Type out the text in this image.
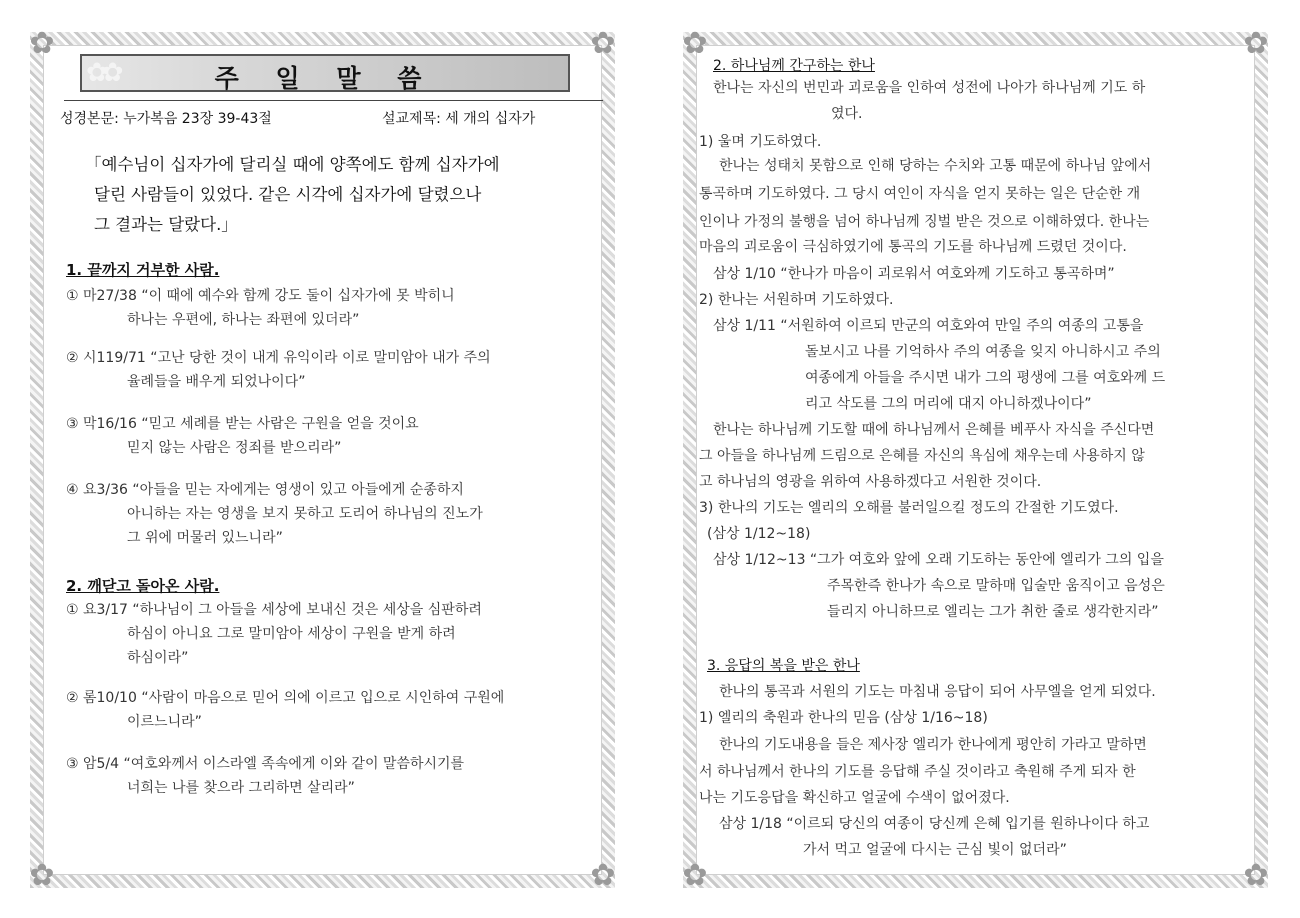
✿	✿
✿	✿
✿✿	주 일 말 씀
성경본문: 누가복음 23장 39-43절	설교제목: 세 개의 십자가
「예수님이 십자가에 달리실 때에 양쪽에도 함께 십자가에
달린 사람들이 있었다. 같은 시각에 십자가에 달렸으나
그 결과는 달랐다.」
1. 끝까지 거부한 사람.
① 마27/38 “이 때에 예수와 함께 강도 둘이 십자가에 못 박히니
하나는 우편에, 하나는 좌편에 있더라”
② 시119/71 “고난 당한 것이 내게 유익이라 이로 말미암아 내가 주의
율례들을 배우게 되었나이다”
③ 막16/16 “믿고 세례를 받는 사람은 구원을 얻을 것이요
믿지 않는 사람은 정죄를 받으리라”
④ 요3/36 “아들을 믿는 자에게는 영생이 있고 아들에게 순종하지
아니하는 자는 영생을 보지 못하고 도리어 하나님의 진노가
그 위에 머물러 있느니라”
2. 깨닫고 돌아온 사람.
① 요3/17 “하나님이 그 아들을 세상에 보내신 것은 세상을 심판하려
하심이 아니요 그로 말미암아 세상이 구원을 받게 하려
하심이라”
② 롬10/10 “사람이 마음으로 믿어 의에 이르고 입으로 시인하여 구원에
이르느니라”
③ 암5/4 “여호와께서 이스라엘 족속에게 이와 같이 말씀하시기를
너희는 나를 찾으라 그리하면 살리라”
✿	✿
✿	✿
2. 하나님께 간구하는 한나
한나는 자신의 번민과 괴로움을 인하여 성전에 나아가 하나님께 기도 하
였다.
1) 울며 기도하였다.
한나는 성태치 못함으로 인해 당하는 수치와 고통 때문에 하나님 앞에서
통곡하며 기도하였다. 그 당시 여인이 자식을 얻지 못하는 일은 단순한 개
인이나 가정의 불행을 넘어 하나님께 징벌 받은 것으로 이해하였다. 한나는
마음의 괴로움이 극심하였기에 통곡의 기도를 하나님께 드렸던 것이다.
삼상 1/10 “한나가 마음이 괴로워서 여호와께 기도하고 통곡하며”
2) 한나는 서원하며 기도하였다.
삼상 1/11 “서원하여 이르되 만군의 여호와여 만일 주의 여종의 고통을
돌보시고 나를 기억하사 주의 여종을 잊지 아니하시고 주의
여종에게 아들을 주시면 내가 그의 평생에 그를 여호와께 드
리고 삭도를 그의 머리에 대지 아니하겠나이다”
한나는 하나님께 기도할 때에 하나님께서 은혜를 베푸사 자식을 주신다면
그 아들을 하나님께 드림으로 은혜를 자신의 욕심에 채우는데 사용하지 않
고 하나님의 영광을 위하여 사용하겠다고 서원한 것이다.
3) 한나의 기도는 엘리의 오해를 불러일으킬 정도의 간절한 기도였다.
(삼상 1/12~18)
삼상 1/12~13 “그가 여호와 앞에 오래 기도하는 동안에 엘리가 그의 입을
주목한즉 한나가 속으로 말하매 입술만 움직이고 음성은
들리지 아니하므로 엘리는 그가 취한 줄로 생각한지라”
3. 응답의 복을 받은 한나
한나의 통곡과 서원의 기도는 마침내 응답이 되어 사무엘을 얻게 되었다.
1) 엘리의 축원과 한나의 믿음 (삼상 1/16~18)
한나의 기도내용을 들은 제사장 엘리가 한나에게 평안히 가라고 말하면
서 하나님께서 한나의 기도를 응답해 주실 것이라고 축원해 주게 되자 한
나는 기도응답을 확신하고 얼굴에 수색이 없어졌다.
삼상 1/18 “이르되 당신의 여종이 당신께 은혜 입기를 원하나이다 하고
가서 먹고 얼굴에 다시는 근심 빛이 없더라”
